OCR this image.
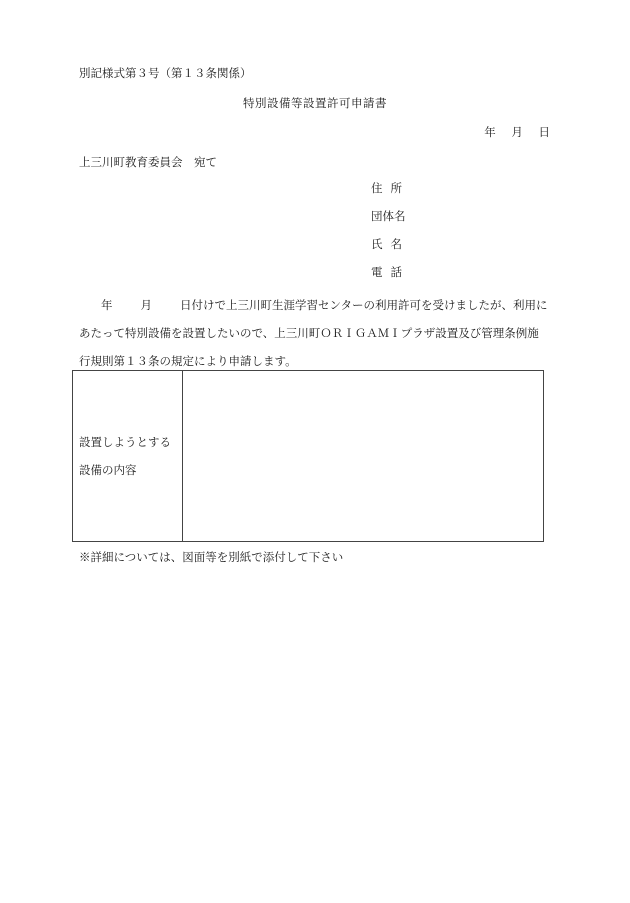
別記様式第３号（第１３条関係）
特別設備等設置許可申請書
年 月 日
上三川町教育委員会　宛て
住所
団体名
氏名
電話

年 月 日付けで上三川町生涯学習センターの利用許可を受けましたが、利用に

あたって特別設備を設置したいので、上三川町ＯＲＩＧＡＭＩプラザ設置及び管理条例施

行規則第１３条の規定により申請します。

設置しようとする
設備の内容
※詳細については、図面等を別紙で添付して下さい
